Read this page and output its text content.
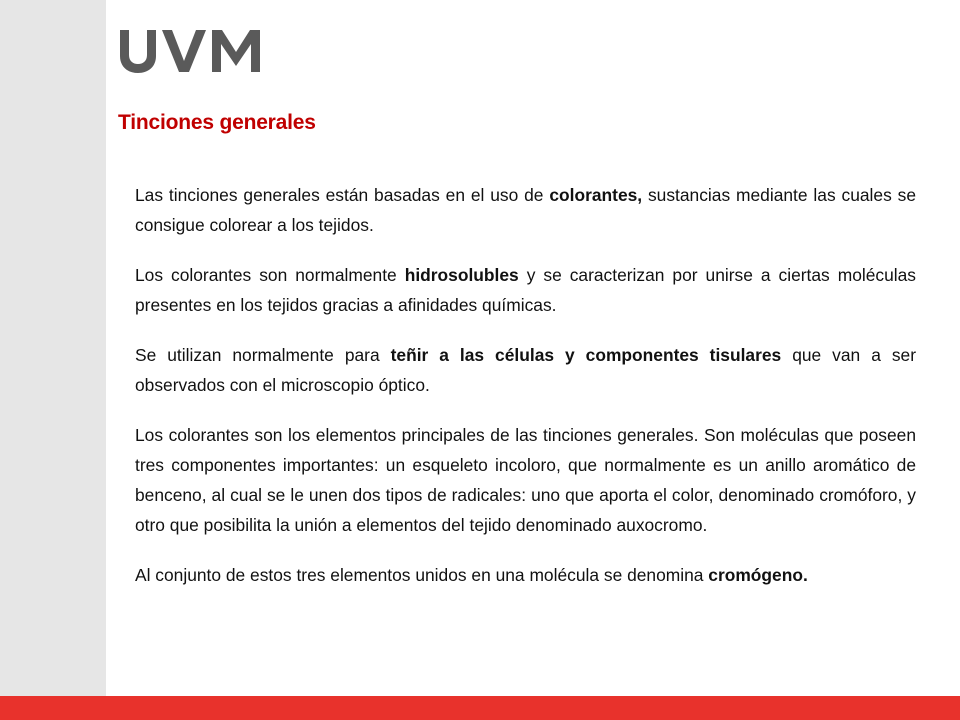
Tinciones generales

Las tinciones generales están basadas en el uso de colorantes, sustancias mediante las cuales se consigue colorear a los tejidos.

Los colorantes son normalmente hidrosolubles y se caracterizan por unirse a ciertas moléculas presentes en los tejidos gracias a afinidades químicas.

Se utilizan normalmente para teñir a las células y componentes tisulares que van a ser observados con el microscopio óptico.

Los colorantes son los elementos principales de las tinciones generales. Son moléculas que poseen tres componentes importantes: un esqueleto incoloro, que normalmente es un anillo aromático de benceno, al cual se le unen dos tipos de radicales: uno que aporta el color, denominado cromóforo, y otro que posibilita la unión a elementos del tejido denominado auxocromo.

Al conjunto de estos tres elementos unidos en una molécula se denomina cromógeno.
